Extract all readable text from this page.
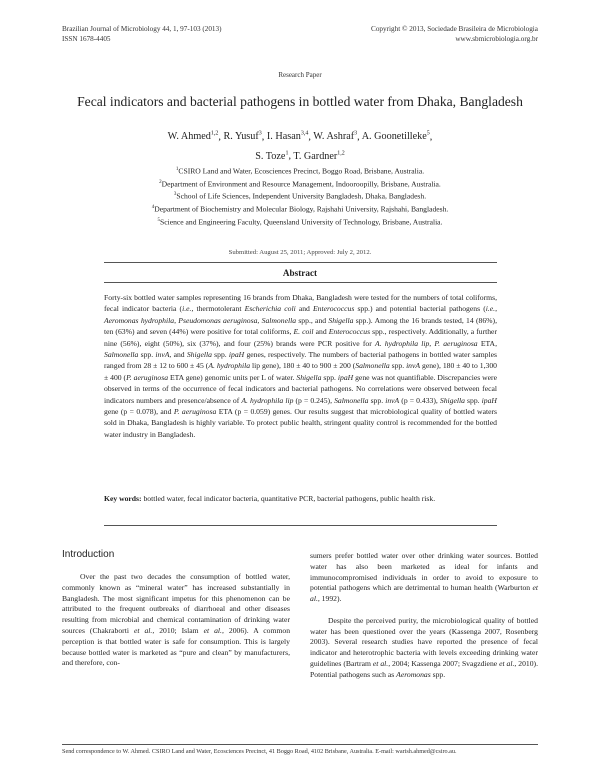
Brazilian Journal of Microbiology 44, 1, 97-103 (2013)
ISSN 1678-4405
Copyright © 2013, Sociedade Brasileira de Microbiologia
www.sbmicrobiologia.org.br
Research Paper
Fecal indicators and bacterial pathogens in bottled water from Dhaka, Bangladesh
W. Ahmed$^{1,2}$, R. Yusuf$^3$, I. Hasan$^{3,4}$, W. Ashraf$^3$, A. Goonetilleke$^5$,
S. Toze$^1$, T. Gardner$^{1,2}$
$^1$CSIRO Land and Water, Ecosciences Precinct, Boggo Road, Brisbane, Australia.
$^2$Department of Environment and Resource Management, Indooroopilly, Brisbane, Australia.
$^3$School of Life Sciences, Independent University Bangladesh, Dhaka, Bangladesh.
$^4$Department of Biochemistry and Molecular Biology, Rajshahi University, Rajshahi, Bangladesh.
$^5$Science and Engineering Faculty, Queensland University of Technology, Brisbane, Australia.
Submitted: August 25, 2011; Approved: July 2, 2012.
Abstract
Forty-six bottled water samples representing 16 brands from Dhaka, Bangladesh were tested for the numbers of total coliforms, fecal indicator bacteria (i.e., thermotolerant Escherichia coli and Enterococcus spp.) and potential bacterial pathogens (i.e., Aeromonas hydrophila, Pseudomonas aeruginosa, Salmonella spp., and Shigella spp.). Among the 16 brands tested, 14 (86%), ten (63%) and seven (44%) were positive for total coliforms, E. coil and Enterococcus spp., respectively. Additionally, a further nine (56%), eight (50%), six (37%), and four (25%) brands were PCR positive for A. hydrophila lip, P. aeruginosa ETA, Salmonella spp. invA, and Shigella spp. ipaH genes, respectively. The numbers of bacterial pathogens in bottled water samples ranged from 28 ± 12 to 600 ± 45 (A. hydrophila lip gene), 180 ± 40 to 900 ± 200 (Salmonella spp. invA gene), 180 ± 40 to 1,300 ± 400 (P. aeruginosa ETA gene) genomic units per L of water. Shigella spp. ipaH gene was not quantifiable. Discrepancies were observed in terms of the occurrence of fecal indicators and bacterial pathogens. No correlations were observed between fecal indicators numbers and presence/absence of A. hydrophila lip (p = 0.245), Salmonella spp. invA (p = 0.433), Shigella spp. ipaH gene (p = 0.078), and P. aeruginosa ETA (p = 0.059) genes. Our results suggest that microbiological quality of bottled waters sold in Dhaka, Bangladesh is highly variable. To protect public health, stringent quality control is recommended for the bottled water industry in Bangladesh.
Key words: bottled water, fecal indicator bacteria, quantitative PCR, bacterial pathogens, public health risk.
Introduction
Over the past two decades the consumption of bottled water, commonly known as “mineral water” has increased substantially in Bangladesh. The most significant impetus for this phenomenon can be attributed to the frequent outbreaks of diarrhoeal and other diseases resulting from microbial and chemical contamination of drinking water sources (Chakraborti et al., 2010; Islam et al., 2006). A common perception is that bottled water is safe for consumption. This is largely because bottled water is marketed as “pure and clean” by manufacturers, and therefore, con-
sumers prefer bottled water over other drinking water sources. Bottled water has also been marketed as ideal for infants and immunocompromised individuals in order to avoid to exposure to potential pathogens which are detrimental to human health (Warburton et al., 1992).
Despite the perceived purity, the microbiological quality of bottled water has been questioned over the years (Kassenga 2007, Rosenberg 2003). Several research studies have reported the presence of fecal indicator and heterotrophic bacteria with levels exceeding drinking water guidelines (Bartram et al., 2004; Kassenga 2007; Svagzdiene et al., 2010). Potential pathogens such as Aeromonas spp.
Send correspondence to W. Ahmed. CSIRO Land and Water, Ecosciences Precinct, 41 Boggo Road, 4102 Brisbane, Australia. E-mail: warish.ahmed@csiro.au.
